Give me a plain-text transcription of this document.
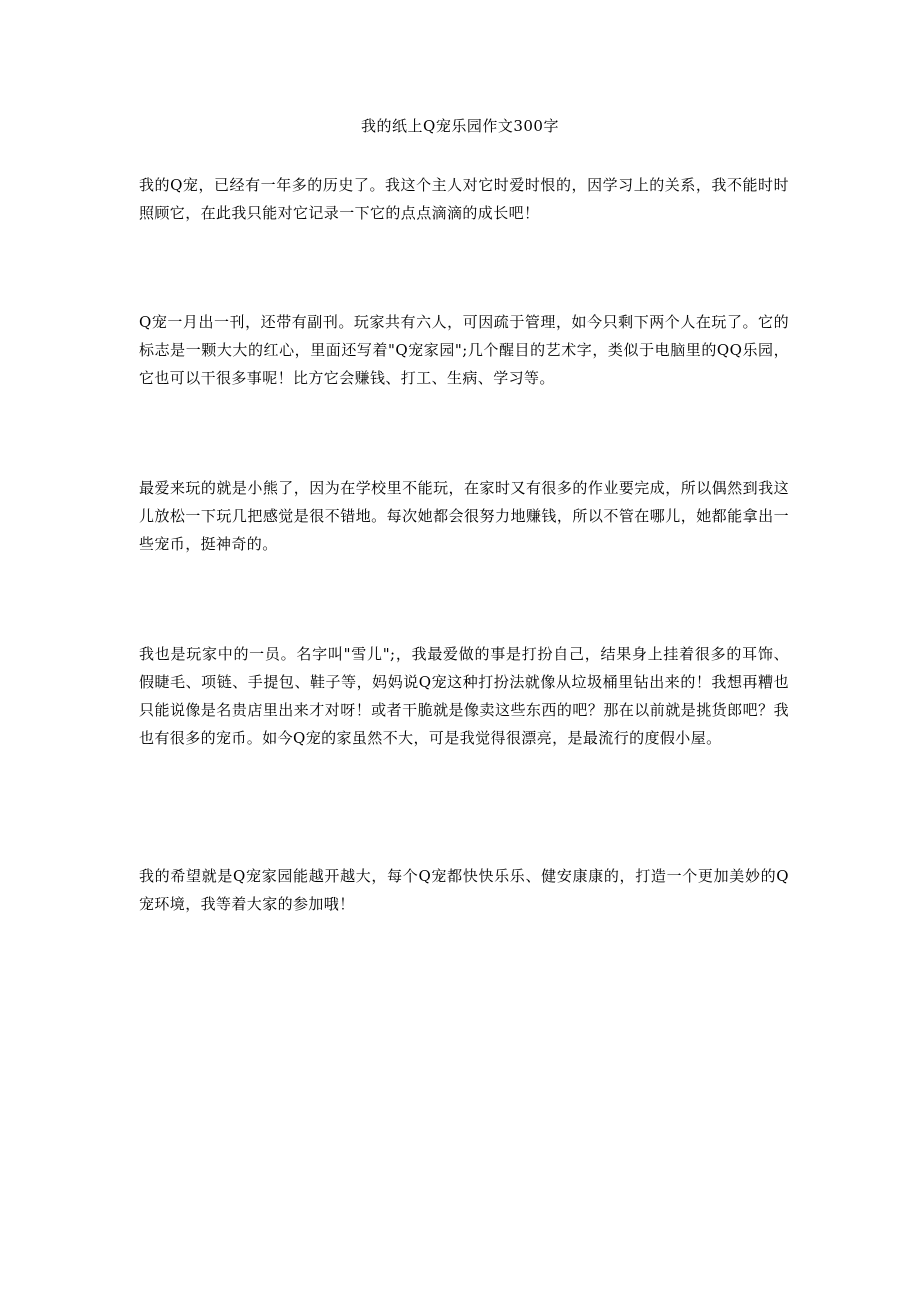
我的纸上Q宠乐园作文300字

我的Q宠，已经有一年多的历史了。我这个主人对它时爱时恨的，因学习上的关系，我不能时时照顾它，在此我只能对它记录一下它的点点滴滴的成长吧！

Q宠一月出一刊，还带有副刊。玩家共有六人，可因疏于管理，如今只剩下两个人在玩了。它的标志是一颗大大的红心，里面还写着"Q宠家园";几个醒目的艺术字，类似于电脑里的QQ乐园，它也可以干很多事呢！比方它会赚钱、打工、生病、学习等。

最爱来玩的就是小熊了，因为在学校里不能玩，在家时又有很多的作业要完成，所以偶然到我这儿放松一下玩几把感觉是很不错地。每次她都会很努力地赚钱，所以不管在哪儿，她都能拿出一些宠币，挺神奇的。

我也是玩家中的一员。名字叫"雪儿";，我最爱做的事是打扮自己，结果身上挂着很多的耳饰、假睫毛、项链、手提包、鞋子等，妈妈说Q宠这种打扮法就像从垃圾桶里钻出来的！我想再糟也只能说像是名贵店里出来才对呀！或者干脆就是像卖这些东西的吧？那在以前就是挑货郎吧？我也有很多的宠币。如今Q宠的家虽然不大，可是我觉得很漂亮，是最流行的度假小屋。

我的希望就是Q宠家园能越开越大，每个Q宠都快快乐乐、健安康康的，打造一个更加美妙的Q宠环境，我等着大家的参加哦！
